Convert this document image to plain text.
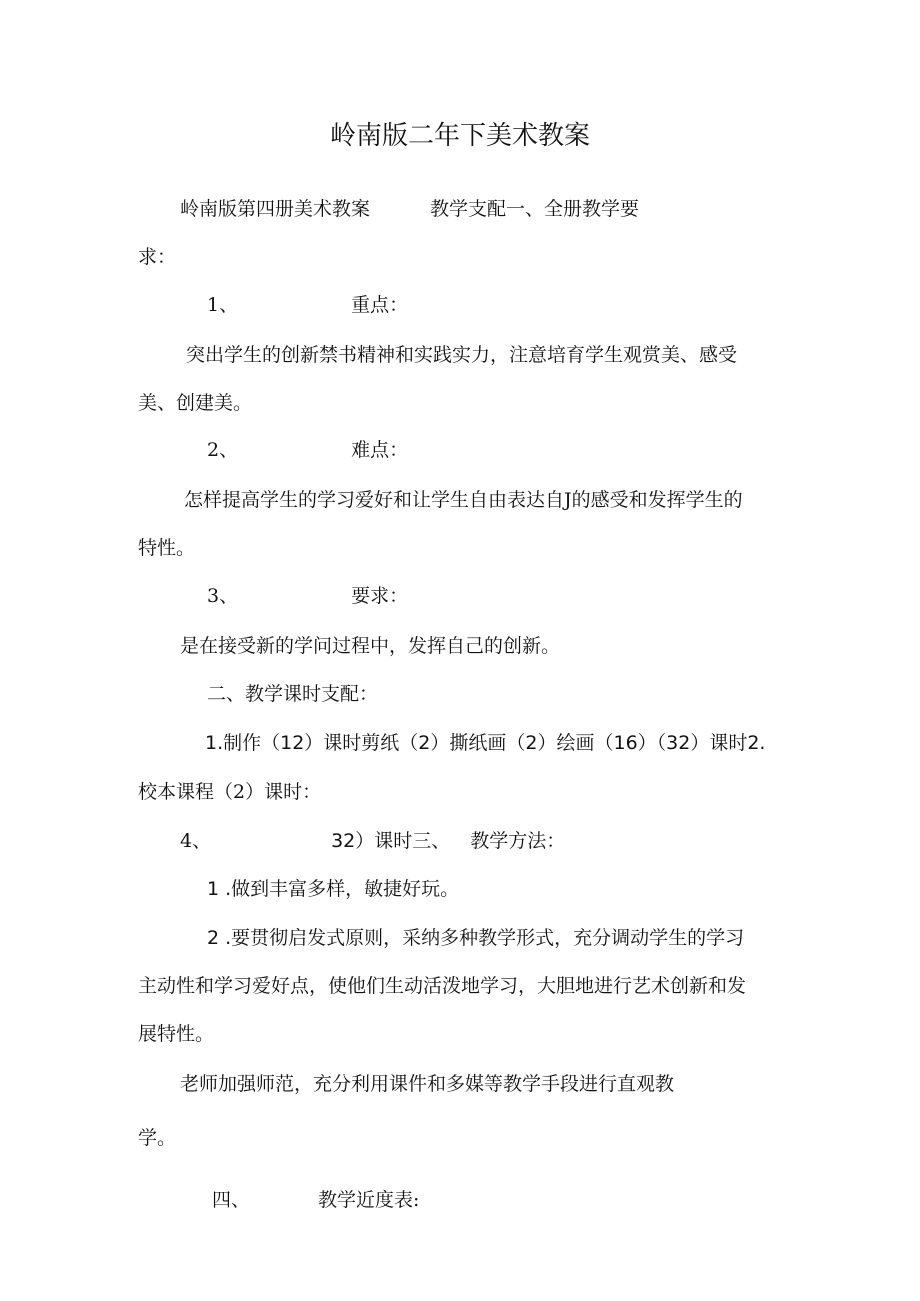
岭南版二年下美术教案
岭南版第四册美术教案	教学支配一、全册教学要
求：
1、	重点：
突出学生的创新禁书精神和实践实力，注意培育学生观赏美、感受
美、创建美。
2、	难点：
怎样提高学生的学习爱好和让学生自由表达自J的感受和发挥学生的
特性。
3、	要求：
是在接受新的学问过程中，发挥自己的创新。
二、教学课时支配：
1.制作（12）课时剪纸（2）撕纸画（2）绘画（16）（32）课时2.
校本课程（2）课时：
4、	32）课时三、 教学方法：
1 .做到丰富多样，敏捷好玩。
2 .要贯彻启发式原则，采纳多种教学形式，充分调动学生的学习
主动性和学习爱好点，使他们生动活泼地学习，大胆地进行艺术创新和发
展特性。
老师加强师范，充分利用课件和多媒等教学手段进行直观教
学。
四、	教学近度表:
